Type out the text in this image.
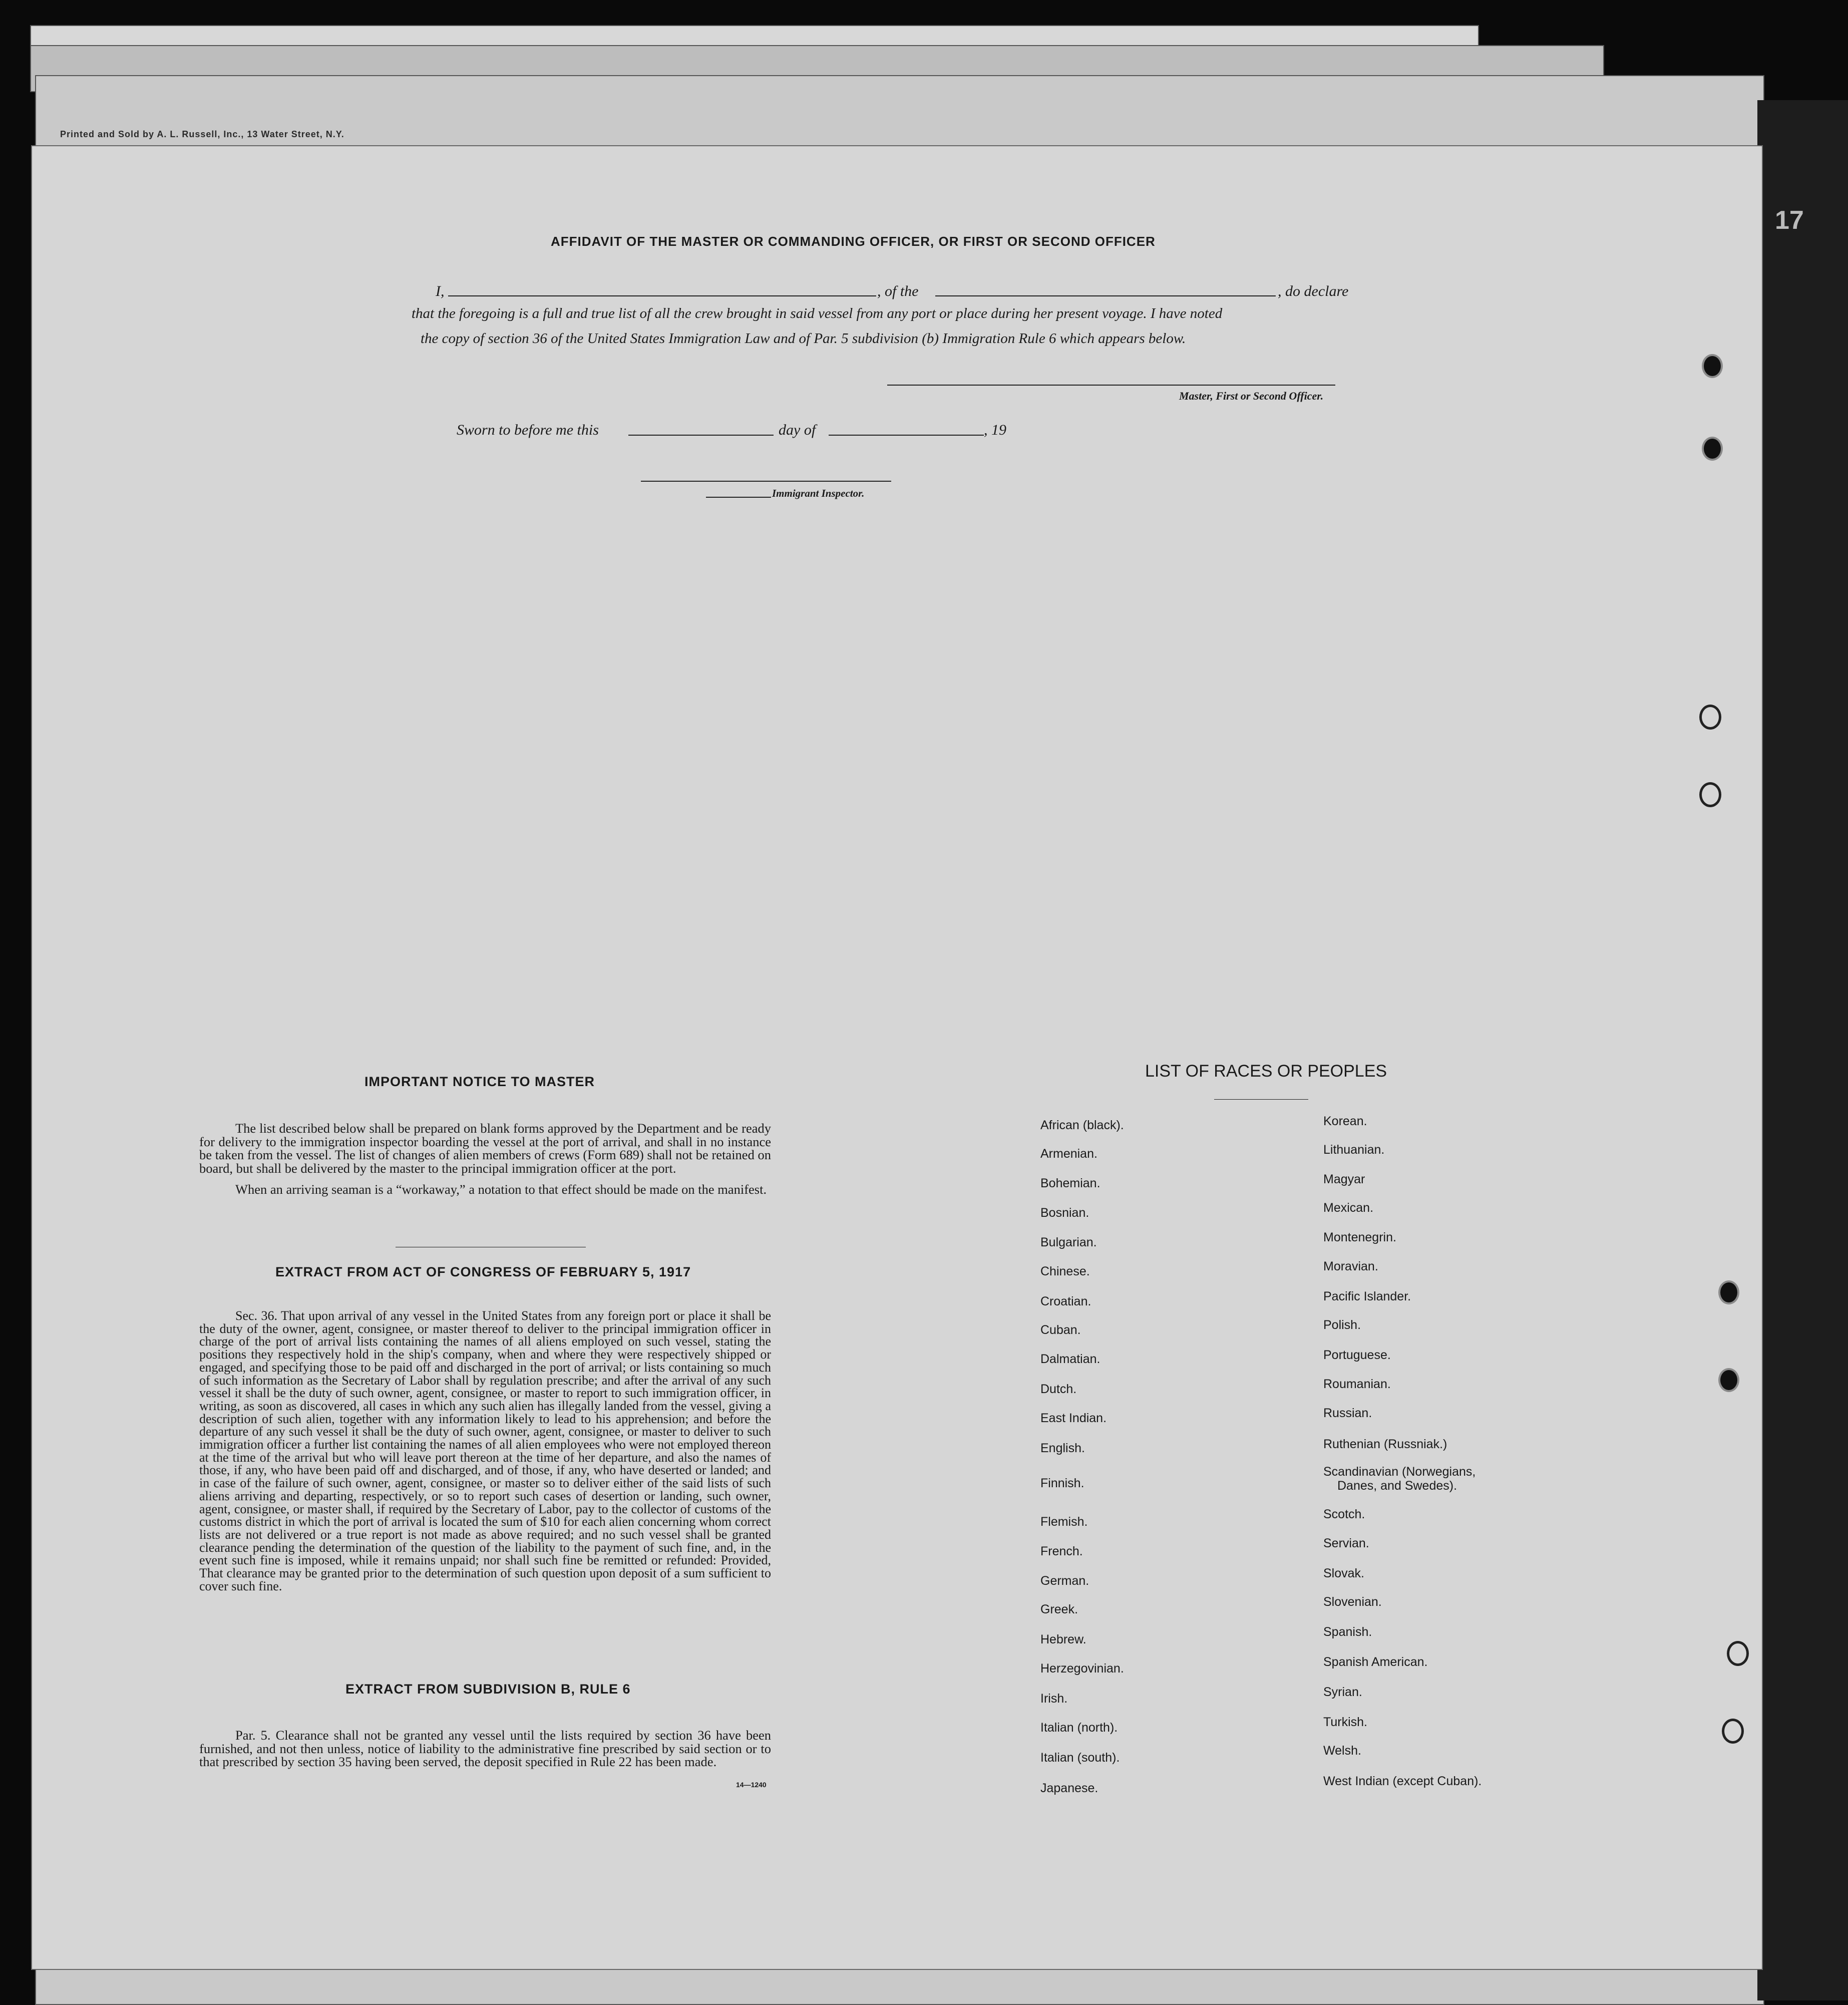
Printed and Sold by A. L. Russell, Inc., 13 Water Street, N.Y.
17
AFFIDAVIT OF THE MASTER OR COMMANDING OFFICER, OR FIRST OR SECOND OFFICER
I,	, of the	, do declare
that the foregoing is a full and true list of all the crew brought in said vessel from any port or place during her present voyage. I have noted
the copy of section 36 of the United States Immigration Law and of Par. 5 subdivision (b) Immigration Rule 6 which appears below.
Master, First or Second Officer.
Sworn to before me this	day of	, 19
Immigrant Inspector.
IMPORTANT NOTICE TO MASTER

The list described below shall be prepared on blank forms approved by the Department and be ready for delivery to the immigration inspector boarding the vessel at the port of arrival, and shall in no instance be taken from the vessel. The list of changes of alien members of crews (Form 689) shall not be retained on board, but shall be delivered by the master to the principal immigration officer at the port.

When an arriving seaman is a “workaway,” a notation to that effect should be made on the manifest.

EXTRACT FROM ACT OF CONGRESS OF FEBRUARY 5, 1917

Sec. 36. That upon arrival of any vessel in the United States from any foreign port or place it shall be the duty of the owner, agent, consignee, or master thereof to deliver to the principal immigration officer in charge of the port of arrival lists containing the names of all aliens employed on such vessel, stating the positions they respectively hold in the ship's company, when and where they were respectively shipped or engaged, and specifying those to be paid off and discharged in the port of arrival; or lists containing so much of such information as the Secretary of Labor shall by regulation prescribe; and after the arrival of any such vessel it shall be the duty of such owner, agent, consignee, or master to report to such immigration officer, in writing, as soon as discovered, all cases in which any such alien has illegally landed from the vessel, giving a description of such alien, together with any information likely to lead to his apprehension; and before the departure of any such vessel it shall be the duty of such owner, agent, consignee, or master to deliver to such immigration officer a further list containing the names of all alien employees who were not employed thereon at the time of the arrival but who will leave port thereon at the time of her departure, and also the names of those, if any, who have been paid off and discharged, and of those, if any, who have deserted or landed; and in case of the failure of such owner, agent, consignee, or master so to deliver either of the said lists of such aliens arriving and departing, respectively, or so to report such cases of desertion or landing, such owner, agent, consignee, or master shall, if required by the Secretary of Labor, pay to the collector of customs of the customs district in which the port of arrival is located the sum of $10 for each alien concerning whom correct lists are not delivered or a true report is not made as above required; and no such vessel shall be granted clearance pending the determination of the question of the liability to the payment of such fine, and, in the event such fine is imposed, while it remains unpaid; nor shall such fine be remitted or refunded: Provided, That clearance may be granted prior to the determination of such question upon deposit of a sum sufficient to cover such fine.

EXTRACT FROM SUBDIVISION B, RULE 6

Par. 5. Clearance shall not be granted any vessel until the lists required by section 36 have been furnished, and not then unless, notice of liability to the administrative fine prescribed by said section or to that prescribed by section 35 having been served, the deposit specified in Rule 22 has been made.

14—1240
LIST OF RACES OR PEOPLES
African (black).
Armenian.
Bohemian.
Bosnian.
Bulgarian.
Chinese.
Croatian.
Cuban.
Dalmatian.
Dutch.
East Indian.
English.
Finnish.
Flemish.
French.
German.
Greek.
Hebrew.
Herzegovinian.
Irish.
Italian (north).
Italian (south).
Japanese.
Korean.
Lithuanian.
Magyar
Mexican.
Montenegrin.
Moravian.
Pacific Islander.
Polish.
Portuguese.
Roumanian.
Russian.
Ruthenian (Russniak.)
Scandinavian (Norwegians,
Danes, and Swedes).
Scotch.
Servian.
Slovak.
Slovenian.
Spanish.
Spanish American.
Syrian.
Turkish.
Welsh.
West Indian (except Cuban).
